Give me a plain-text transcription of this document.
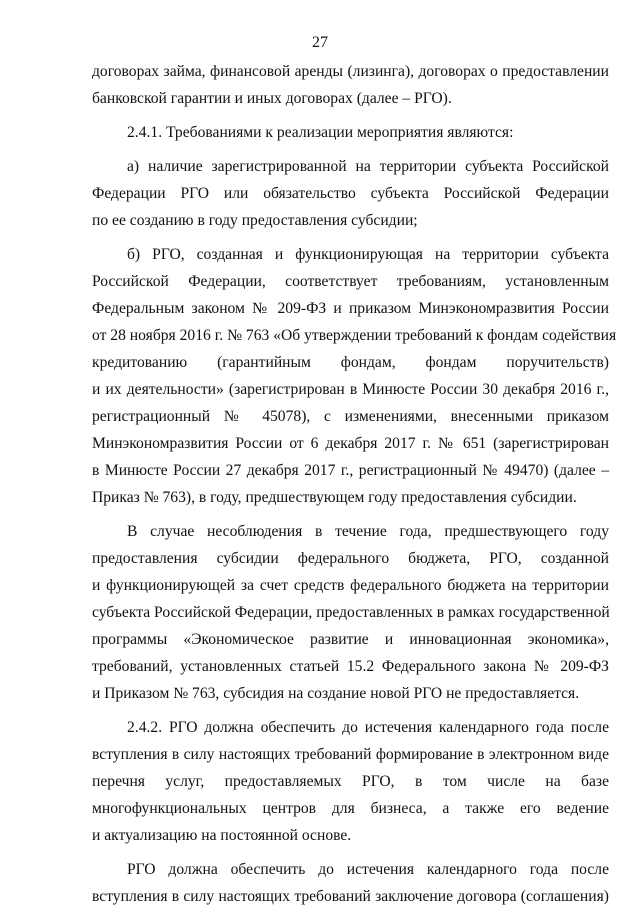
27
договорах займа, финансовой аренды (лизинга), договорах о предоставлении
банковской гарантии и иных договорах (далее – РГО).
2.4.1. Требованиями к реализации мероприятия являются:
а) наличие зарегистрированной на территории субъекта Российской
Федерации РГО или обязательство субъекта Российской Федерации
по ее созданию в году предоставления субсидии;
б) РГО, созданная и функционирующая на территории субъекта
Российской Федерации, соответствует требованиям, установленным
Федеральным законом № 209-ФЗ и приказом Минэкономразвития России
от 28 ноября 2016 г. № 763 «Об утверждении требований к фондам содействия
кредитованию (гарантийным фондам, фондам поручительств)
и их деятельности» (зарегистрирован в Минюсте России 30 декабря 2016 г.,
регистрационный № 45078), с изменениями, внесенными приказом
Минэкономразвития России от 6 декабря 2017 г. № 651 (зарегистрирован
в Минюсте России 27 декабря 2017 г., регистрационный № 49470) (далее –
Приказ № 763), в году, предшествующем году предоставления субсидии.
В случае несоблюдения в течение года, предшествующего году
предоставления субсидии федерального бюджета, РГО, созданной
и функционирующей за счет средств федерального бюджета на территории
субъекта Российской Федерации, предоставленных в рамках государственной
программы «Экономическое развитие и инновационная экономика»,
требований, установленных статьей 15.2 Федерального закона № 209-ФЗ
и Приказом № 763, субсидия на создание новой РГО не предоставляется.
2.4.2. РГО должна обеспечить до истечения календарного года после
вступления в силу настоящих требований формирование в электронном виде
перечня услуг, предоставляемых РГО, в том числе на базе
многофункциональных центров для бизнеса, а также его ведение
и актуализацию на постоянной основе.
РГО должна обеспечить до истечения календарного года после
вступления в силу настоящих требований заключение договора (соглашения)
